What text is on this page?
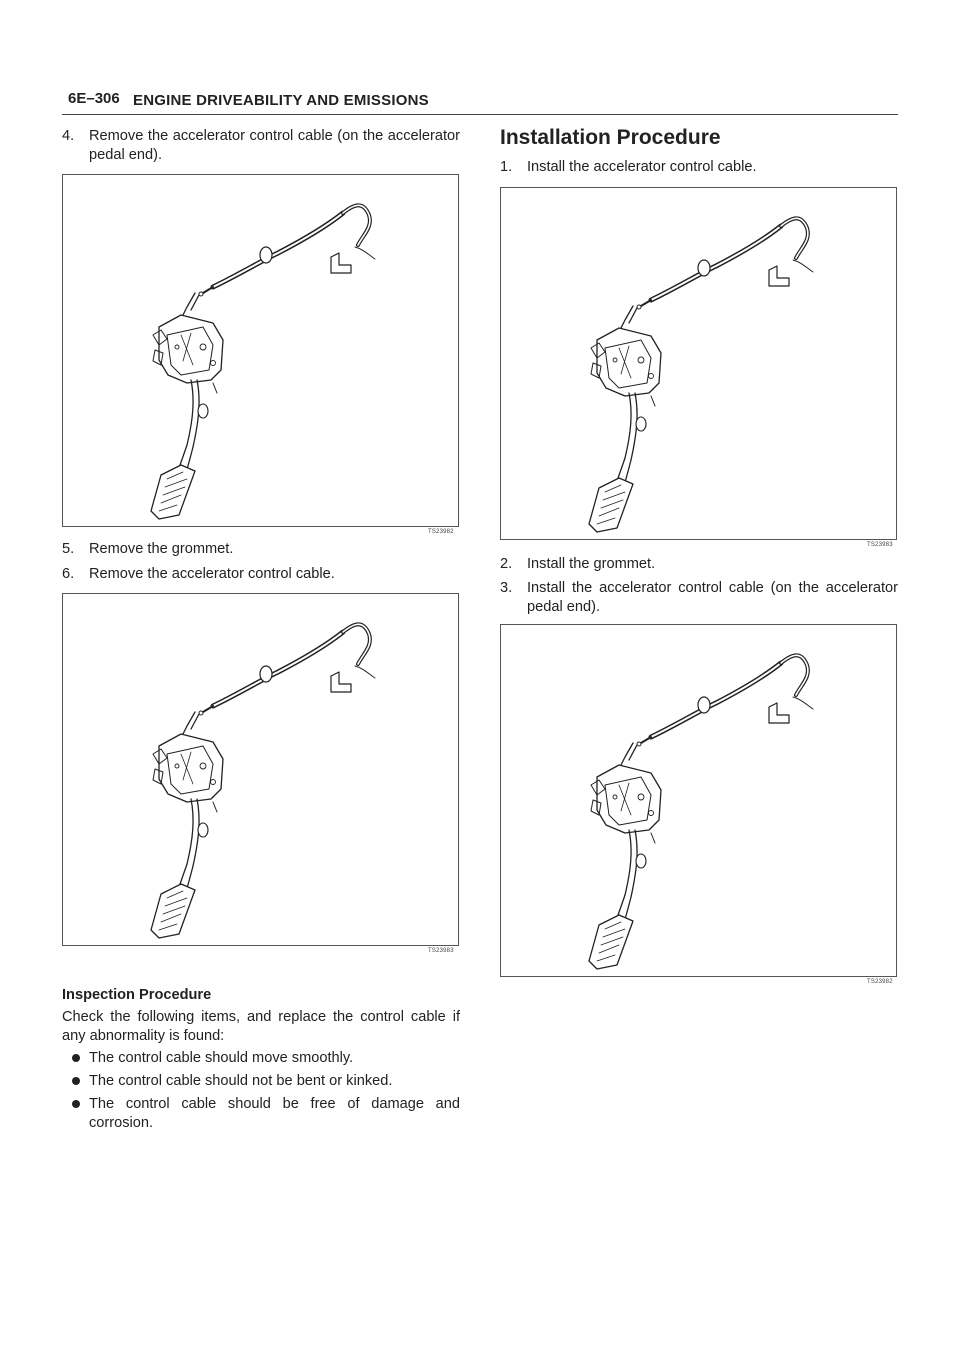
6E–306 ENGINE DRIVEABILITY AND EMISSIONS
4. Remove the accelerator control cable (on the accelerator pedal end).
TS23982
5. Remove the grommet.
6. Remove the accelerator control cable.
TS23983
Inspection Procedure
Check the following items, and replace the control cable if any abnormality is found:
The control cable should move smoothly.
The control cable should not be bent or kinked.
The control cable should be free of damage and corrosion.
Installation Procedure
1. Install the accelerator control cable.
TS23983
2. Install the grommet.
3. Install the accelerator control cable (on the accelerator pedal end).
TS23982
